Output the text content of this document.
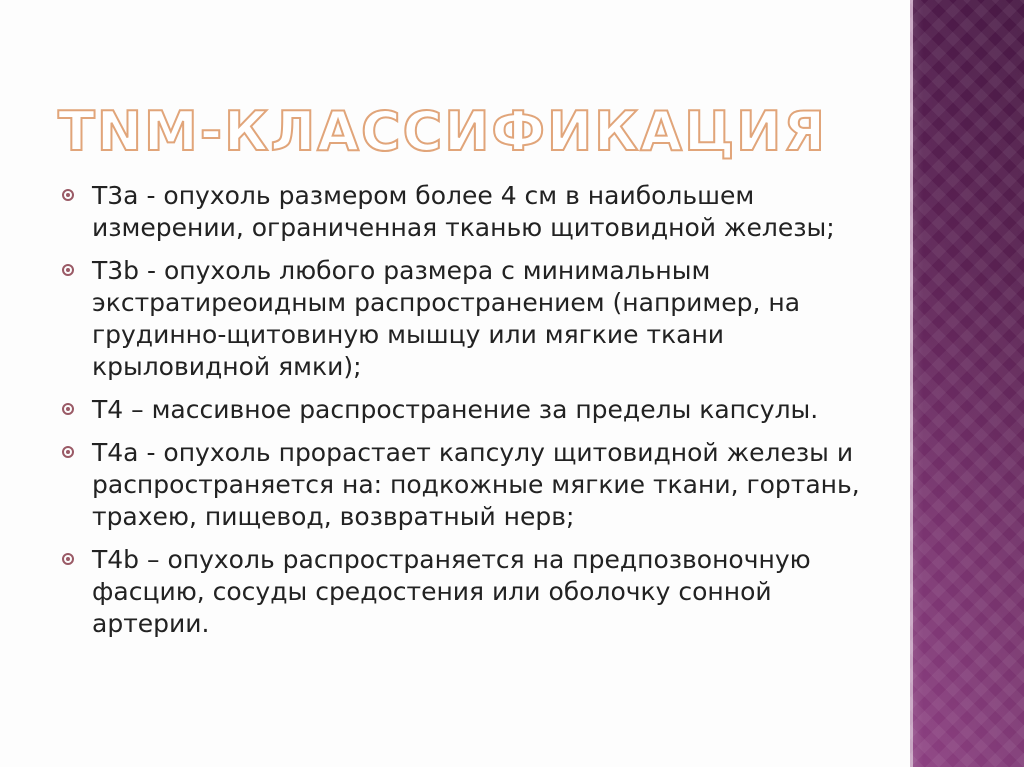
TNM-КЛАССИФИКАЦИЯ
T3a - опухоль размером более 4 см в наибольшем измерении, ограниченная тканью щитовидной железы;
T3b - опухоль любого размера с минимальным экстратиреоидным распространением (например, на грудинно-щитовиную мышцу или мягкие ткани крыловидной ямки);
T4 – массивное распространение за пределы капсулы.
T4a - опухоль прорастает капсулу щитовидной железы и распространяется на: подкожные мягкие ткани, гортань, трахею, пищевод, возвратный нерв;
T4b – опухоль распространяется на предпозвоночную фасцию, сосуды средостения или оболочку сонной артерии.
